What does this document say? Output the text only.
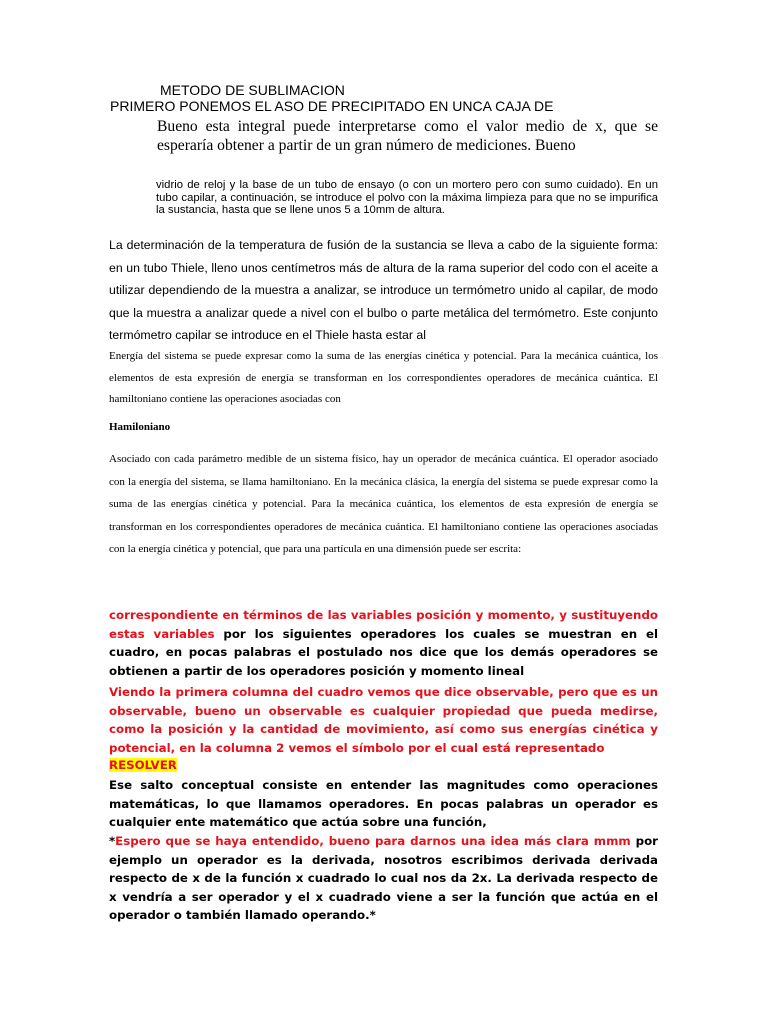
METODO DE SUBLIMACION
PRIMERO PONEMOS EL ASO DE PRECIPITADO EN UNCA CAJA DE
Bueno esta integral puede interpretarse como el valor medio de x, que se esperaría obtener a partir de un gran número de mediciones. Bueno
vidrio de reloj y la base de un tubo de ensayo (o con un mortero pero con sumo cuidado). En un tubo capilar, a continuación, se introduce el polvo con la máxima limpieza para que no se impurifica la sustancia, hasta que se llene unos 5 a 10mm de altura.
La determinación de la temperatura de fusión de la sustancia se lleva a cabo de la siguiente forma: en un tubo Thiele, lleno unos centímetros más de altura de la rama superior del codo con el aceite a utilizar dependiendo de la muestra a analizar, se introduce un termómetro unido al capilar, de modo que la muestra a analizar quede a nivel con el bulbo o parte metálica del termómetro. Este conjunto termómetro capilar se introduce en el Thiele hasta estar al
Energía del sistema se puede expresar como la suma de las energías cinética y potencial. Para la mecánica cuántica, los elementos de esta expresión de energía se transforman en los correspondientes operadores de mecánica cuántica. El hamiltoniano contiene las operaciones asociadas con
Hamiloniano
Asociado con cada parámetro medible de un sistema físico, hay un operador de mecánica cuántica. El operador asociado con la energía del sistema, se llama hamiltoniano. En la mecánica clásica, la energía del sistema se puede expresar como la suma de las energías cinética y potencial. Para la mecánica cuántica, los elementos de esta expresión de energía se transforman en los correspondientes operadores de mecánica cuántica. El hamiltoniano contiene las operaciones asociadas con la energía cinética y potencial, que para una partícula en una dimensión puede ser escrita:
correspondiente en términos de las variables posición y momento, y sustituyendo estas variables por los siguientes operadores los cuales se muestran en el cuadro, en pocas palabras el postulado nos dice que los demás operadores se obtienen a partir de los operadores posición y momento lineal
Viendo la primera columna del cuadro vemos que dice observable, pero que es un observable, bueno un observable es cualquier propiedad que pueda medirse, como la posición y la cantidad de movimiento, así como sus energías cinética y potencial, en la columna 2 vemos el símbolo por el cual está representado
RESOLVER
Ese salto conceptual consiste en entender las magnitudes como operaciones matemáticas, lo que llamamos operadores. En pocas palabras un operador es cualquier ente matemático que actúa sobre una función,
*Espero que se haya entendido, bueno para darnos una idea más clara mmm por ejemplo un operador es la derivada, nosotros escribimos derivada derivada respecto de x de la función x cuadrado lo cual nos da 2x. La derivada respecto de x vendría a ser operador y el x cuadrado viene a ser la función que actúa en el operador o también llamado operando.*
